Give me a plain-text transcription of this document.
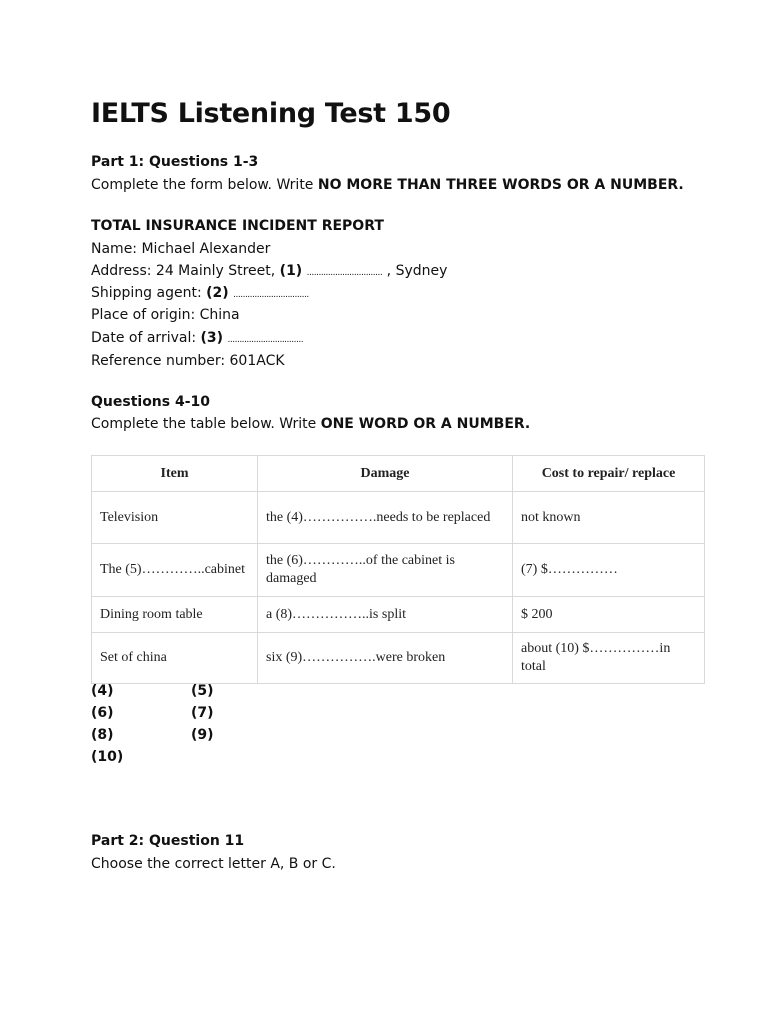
IELTS Listening Test 150
Part 1: Questions 1-3
Complete the form below. Write NO MORE THAN THREE WORDS OR A NUMBER.
TOTAL INSURANCE INCIDENT REPORT
Name: Michael Alexander
Address: 24 Mainly Street, (1) ................................ , Sydney
Shipping agent: (2) ................................
Place of origin: China
Date of arrival: (3) ................................
Reference number: 601ACK
Questions 4-10
Complete the table below. Write ONE WORD OR A NUMBER.
Item	Damage	Cost to repair/ replace
Television	the (4)…………….needs to be replaced	not known
The (5)…………..cabinet	the (6)…………..of the cabinet is damaged	(7) $……………
Dining room table	a (8)……………..is split	$ 200
Set of china	six (9)…………….were broken	about (10) $……………in total
(4)	(5)
(6)	(7)
(8)	(9)
(10)
Part 2: Question 11
Choose the correct letter A, B or C.
